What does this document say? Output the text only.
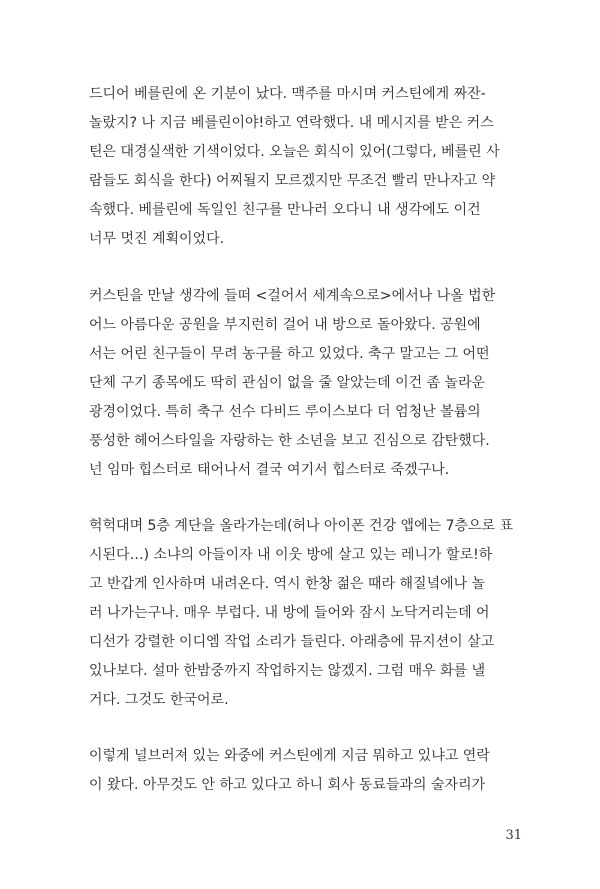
드디어 베를린에 온 기분이 났다. 맥주를 마시며 커스틴에게 짜잔-
놀랐지? 나 지금 베를린이야!하고 연락했다. 내 메시지를 받은 커스
틴은 대경실색한 기색이었다. 오늘은 회식이 있어(그렇다, 베를린 사
람들도 회식을 한다) 어찌될지 모르겠지만 무조건 빨리 만나자고 약
속했다. 베를린에 독일인 친구를 만나러 오다니 내 생각에도 이건
너무 멋진 계획이었다.
커스틴을 만날 생각에 들떠 <걸어서 세계속으로>에서나 나올 법한
어느 아름다운 공원을 부지런히 걸어 내 방으로 돌아왔다. 공원에
서는 어린 친구들이 무려 농구를 하고 있었다. 축구 말고는 그 어떤
단체 구기 종목에도 딱히 관심이 없을 줄 알았는데 이건 좀 놀라운
광경이었다. 특히 축구 선수 다비드 루이스보다 더 엄청난 볼륨의
풍성한 헤어스타일을 자랑하는 한 소년을 보고 진심으로 감탄했다.
넌 임마 힙스터로 태어나서 결국 여기서 힙스터로 죽겠구나.
헉헉대며 5층 계단을 올라가는데(허나 아이폰 건강 앱에는 7층으로 표
시된다…) 소냐의 아들이자 내 이웃 방에 살고 있는 레니가 할로!하
고 반갑게 인사하며 내려온다. 역시 한창 젊은 때라 해질녘에나 놀
러 나가는구나. 매우 부럽다. 내 방에 들어와 잠시 노닥거리는데 어
디선가 강렬한 이디엠 작업 소리가 들린다. 아래층에 뮤지션이 살고
있나보다. 설마 한밤중까지 작업하지는 않겠지. 그럼 매우 화를 낼
거다. 그것도 한국어로.
이렇게 널브러져 있는 와중에 커스틴에게 지금 뭐하고 있냐고 연락
이 왔다. 아무것도 안 하고 있다고 하니 회사 동료들과의 술자리가
31
